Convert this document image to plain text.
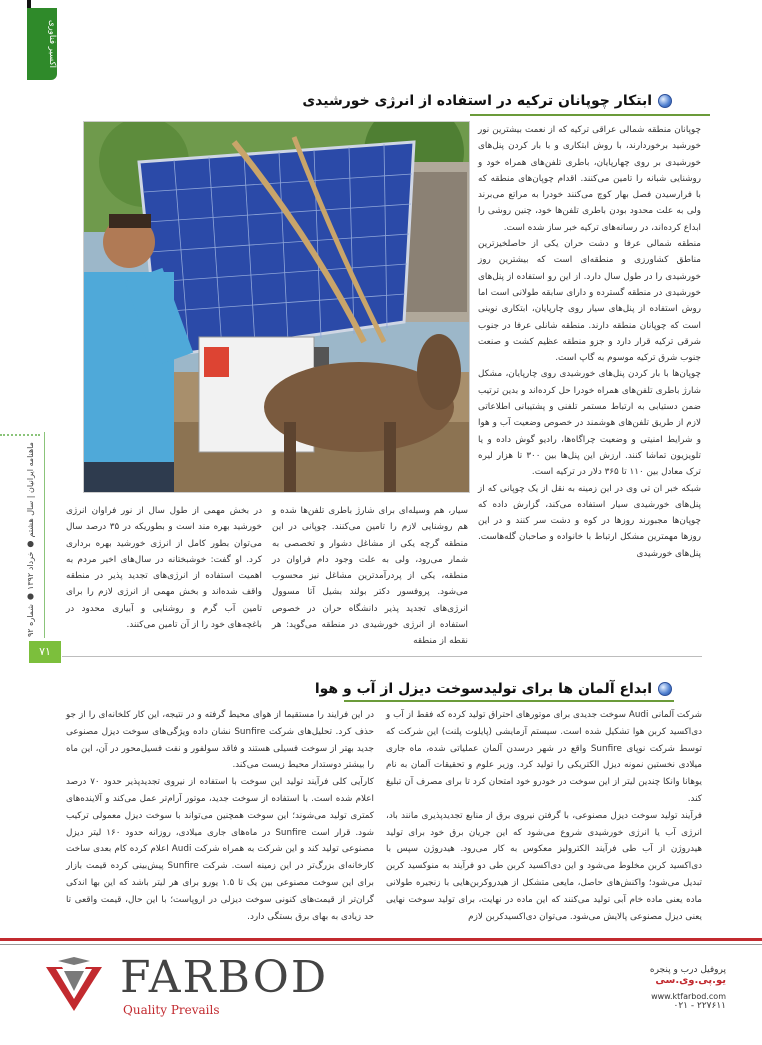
اکسیر فناوری
ماهنامه ایرانیان | سال هشتم ● خرداد ۱۳۹۲ ● شماره ۹۲
۷۱
ابتکار چوپانان ترکیه در استفاده از انرژی خورشیدی

چوپانان منطقه شمالی عراقی ترکیه که از نعمت بیشترین نور خورشید برخوردارند، با روش ابتکاری و با بار کردن پنل‌های خورشیدی بر روی چهارپایان، باطری تلفن‌های همراه خود و روشنایی شبانه را تامین می‌کنند. اقدام چوپان‌های منطقه که با فرارسیدن فصل بهار کوچ می‌کنند خودرا به مراتع می‌برند ولی به علت محدود بودن باطری تلفن‌ها خود، چنین روشی را ابداع کرده‌اند، در رسانه‌های ترکیه خبر ساز شده است.

منطقه شمالی عرفا و دشت حران یکی از حاصلخیزترین مناطق کشاورزی و منطقه‌ای است که بیشترین روز خورشیدی را در طول سال دارد. از این رو استفاده از پنل‌های خورشیدی در منطقه گسترده و دارای سابقه طولانی است اما روش استفاده از پنل‌های سیار روی چارپایان، ابتکاری نوینی است که چوپانان منطقه دارند. منطقه شانلی عرفا در جنوب شرقی ترکیه قرار دارد و جزو منطقه عظیم کشت و صنعت جنوب شرق ترکیه موسوم به گاپ است.

چوپان‌ها با بار کردن پنل‌های خورشیدی روی چارپایان، مشکل شارژ باطری تلفن‌های همراه خودرا حل کرده‌اند و بدین ترتیب ضمن دستیابی به ارتباط مستمر تلفنی و پشتیبانی اطلاعاتی لازم از طریق تلفن‌های هوشمند در خصوص وضعیت آب و هوا و شرایط امنیتی و وضعیت چراگاه‌ها، رادیو گوش داده و یا تلویزیون تماشا کنند. ارزش این پنل‌ها بین ۳۰۰ تا هزار لیره ترک معادل بین ۱۱۰ تا ۳۶۵ دلار در ترکیه است.

شبکه خبر ان تی وی در این زمینه به نقل از یک چوپانی که از پنل‌های خورشیدی سیار استفاده می‌کند، گزارش داده که چوپان‌ها مجبورند روزها در کوه و دشت سر کنند و در این روزها مهمترین مشکل ارتباط با خانواده و صاحبان گله‌هاست. پنل‌های خورشیدی

سیار، هم وسیله‌ای برای شارژ باطری تلفن‌ها شده و هم روشنایی لازم را تامین می‌کنند. چوپانی در این منطقه گرچه یکی از مشاغل دشوار و تخصصی به شمار می‌رود، ولی به علت وجود دام فراوان در منطقه، یکی از پردرآمدترین مشاغل نیز محسوب می‌شود. پروفسور دکتر بولند بشیل آتا مسوول انرژی‌های تجدید پذیر دانشگاه حران در خصوص استفاده از انرژی خورشیدی در منطقه می‌گوید: هر نقطه از منطقه

در بخش مهمی از طول سال از نور فراوان انرژی خورشید بهره مند است و بطوریکه در ۳۵ درصد سال می‌توان بطور کامل از انرژی خورشید بهره برداری کرد. او گفت: خوشبختانه در سال‌های اخیر مردم به اهمیت استفاده از انرژی‌های تجدید پذیر در منطقه واقف شده‌اند و بخش مهمی از انرژی لازم را برای تامین آب گرم و روشنایی و آبیاری محدود در باغچه‌های خود را از آن تامین می‌کنند.

ابداع آلمان ها برای تولیدسوخت دیزل از آب و هوا

شرکت آلمانی Audi سوخت جدیدی برای موتورهای احتراق تولید کرده که فقط از آب و دی‌اکسید کربن هوا تشکیل شده است. سیستم آزمایشی (پایلوت پلنت) این شرکت که توسط شرکت نوپای Sunfire واقع در شهر درسدن آلمان عملیاتی شده، ماه جاری میلادی نخستین نمونه دیزل الکتریکی را تولید کرد. وزیر علوم و تحقیقات آلمان به نام یوهانا وانکا چندین لیتر از این سوخت در خودرو خود امتحان کرد تا برای مصرف آن تبلیغ کند.

فرآیند تولید سوخت دیزل مصنوعی، با گرفتن نیروی برق از منابع تجدیدپذیری مانند باد، انرژی آب یا انرژی خورشیدی شروع می‌شود که این جریان برق خود برای تولید هیدروژن از آب طی فرآیند الکترولیز معکوس به کار می‌رود. هیدروژن سپس با دی‌اکسید کربن مخلوط می‌شود و این دی‌اکسید کربن طی دو فرآیند به منوکسید کربن تبدیل می‌شود؛ واکنش‌های حاصل، مایعی متشکل از هیدروکربن‌هایی با زنجیره طولانی ماده یعنی ماده خام آبی تولید می‌کنند که این ماده در نهایت، برای تولید سوخت نهایی یعنی دیزل مصنوعی پالایش می‌شود. می‌توان دی‌اکسیدکربن لازم

در این فرایند را مستقیما از هوای محیط گرفته و در نتیجه، این کار کلخانه‌ای را از جو حذف کرد. تحلیل‌های شرکت Sunfire نشان داده ویژگی‌های سوخت دیزل مصنوعی جدید بهتر از سوخت فسیلی هستند و فاقد سولفور و نفت فسیل‌محور در آن، این ماه را بیشتر دوستدار محیط زیست می‌کند.

کارآیی کلی فرآیند تولید این سوخت با استفاده از نیروی تجدیدپذیر حدود ۷۰ درصد اعلام شده است. با استفاده از سوخت جدید، موتور آرام‌تر عمل می‌کند و آلاینده‌های کمتری تولید می‌شوند؛ این سوخت همچنین می‌تواند با سوخت دیزل معمولی ترکیب شود. قرار است Sunfire در ماه‌های جاری میلادی، روزانه حدود ۱۶۰ لیتر دیزل مصنوعی تولید کند و این شرکت به همراه شرکت Audi اعلام کرده کام بعدی ساخت کارخانه‌ای بزرگ‌تر در این زمینه است. شرکت Sunfire پیش‌بینی کرده قیمت بازار برای این سوخت مصنوعی بین یک تا ۱.۵ یورو برای هر لیتر باشد که این بها اندکی گران‌تر از قیمت‌های کنونی سوخت دیزلی در اروپاست؛ با این حال، قیمت واقعی تا حد زیادی به بهای برق بستگی دارد.

FARBOD
Quality Prevails
پروفیل درب و پنجره
یو.پی.وی.سی
www.ktfarbod.com
۰۲۱ - ۲۲۷۶۱۱
